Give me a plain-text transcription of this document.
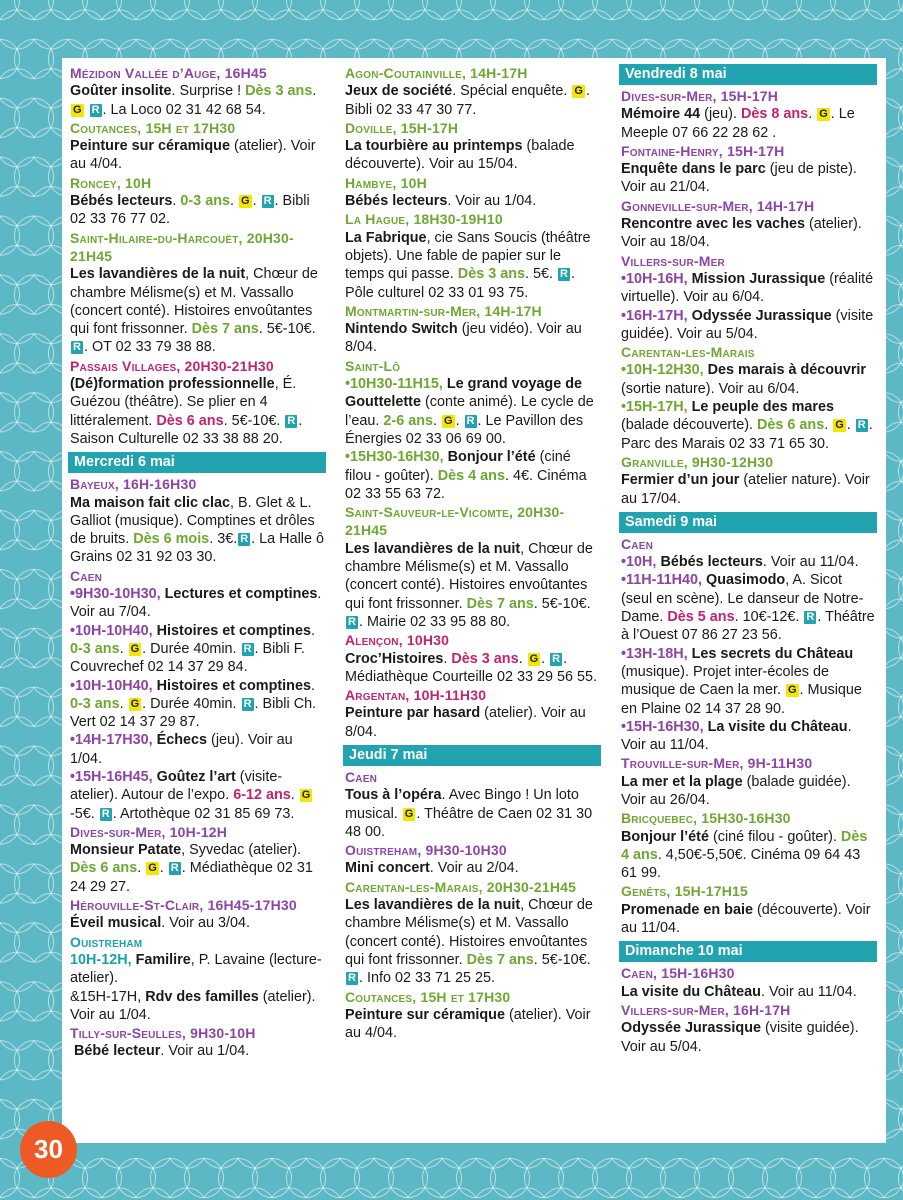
Mézidon Vallée d’Auge, 16H45
Goûter insolite. Surprise ! Dès 3 ans. G R . La Loco 02 31 42 68 54.
Coutances, 15H et 17H30
Peinture sur céramique (atelier). Voir au 4/04.
Roncey, 10H
Bébés lecteurs. 0-3 ans. G . R . Bibli 02 33 76 77 02.
Saint-Hilaire-du-Harcouët, 20H30-21H45
Les lavandières de la nuit, Chœur de chambre Mélisme(s) et M. Vassallo (concert conté). Histoires envoûtantes qui font frissonner. Dès 7 ans. 5€-10€. R . OT 02 33 79 38 88.
Passais Villages, 20H30-21H30
(Dé)formation professionnelle, É. Guézou (théâtre). Se plier en 4 littéralement. Dès 6 ans. 5€-10€. R . Saison Culturelle 02 33 38 88 20.
Mercredi 6 mai
Bayeux, 16H-16H30
Ma maison fait clic clac, B. Glet & L. Galliot (musique). Comptines et drôles de bruits. Dès 6 mois. 3€. R . La Halle ô Grains 02 31 92 03 30.
Caen
•9H30-10H30, Lectures et comptines. Voir au 7/04.
•10H-10H40, Histoires et comptines. 0-3 ans. G . Durée 40min. R . Bibli F. Couvrechef 02 14 37 29 84.
•10H-10H40, Histoires et comptines. 0-3 ans. G . Durée 40min. R . Bibli Ch. Vert 02 14 37 29 87.
•14H-17H30, Échecs (jeu). Voir au 1/04.
•15H-16H45, Goûtez l’art (visite-atelier). Autour de l’expo. 6-12 ans. G-5€. R . Artothèque 02 31 85 69 73.
Dives-sur-Mer, 10H-12H
Monsieur Patate, Syvedac (atelier). Dès 6 ans. G . R . Médiathèque 02 31 24 29 27.
Hérouville-St-Clair, 16H45-17H30
Éveil musical. Voir au 3/04.
Ouistreham
10H-12H, Familire, P. Lavaine (lecture-atelier).
&15H-17H, Rdv des familles (atelier).
Voir au 1/04.
Tilly-sur-Seulles, 9H30-10H
Bébé lecteur. Voir au 1/04.
Agon-Coutainville, 14H-17H
Jeux de société. Spécial enquête. G . Bibli 02 33 47 30 77.
Doville, 15H-17H
La tourbière au printemps (balade découverte). Voir au 15/04.
Hambye, 10H
Bébés lecteurs. Voir au 1/04.
La Hague, 18H30-19H10
La Fabrique, cie Sans Soucis (théâtre objets). Une fable de papier sur le temps qui passe. Dès 3 ans. 5€. R . Pôle culturel 02 33 01 93 75.
Montmartin-sur-Mer, 14H-17H
Nintendo Switch (jeu vidéo). Voir au 8/04.
Saint-Lô
•10H30-11H15, Le grand voyage de Gouttelette (conte animé). Le cycle de l’eau. 2-6 ans. G . R . Le Pavillon des Énergies 02 33 06 69 00.
•15H30-16H30, Bonjour l’été (ciné filou - goûter). Dès 4 ans. 4€. Cinéma 02 33 55 63 72.
Saint-Sauveur-le-Vicomte, 20H30-21H45
Les lavandières de la nuit, Chœur de chambre Mélisme(s) et M. Vassallo (concert conté). Histoires envoûtantes qui font frissonner. Dès 7 ans. 5€-10€. R . Mairie 02 33 95 88 80.
Alençon, 10H30
Croc’Histoires. Dès 3 ans. G . R . Médiathèque Courteille 02 33 29 56 55.
Argentan, 10H-11H30
Peinture par hasard (atelier). Voir au 8/04.
Jeudi 7 mai
Caen
Tous à l’opéra. Avec Bingo ! Un loto musical. G . Théâtre de Caen 02 31 30 48 00.
Ouistreham, 9H30-10H30
Mini concert. Voir au 2/04.
Carentan-les-Marais, 20H30-21H45
Les lavandières de la nuit, Chœur de chambre Mélisme(s) et M. Vassallo (concert conté). Histoires envoûtantes qui font frissonner. Dès 7 ans. 5€-10€. R . Info 02 33 71 25 25.
Coutances, 15H et 17H30
Peinture sur céramique (atelier). Voir au 4/04.
Vendredi 8 mai
Dives-sur-Mer, 15H-17H
Mémoire 44 (jeu). Dès 8 ans. G . Le Meeple 07 66 22 28 62 .
Fontaine-Henry, 15H-17H
Enquête dans le parc (jeu de piste). Voir au 21/04.
Gonneville-sur-Mer, 14H-17H
Rencontre avec les vaches (atelier). Voir au 18/04.
Villers-sur-Mer
•10H-16H, Mission Jurassique (réalité virtuelle). Voir au 6/04.
•16H-17H, Odyssée Jurassique (visite guidée). Voir au 5/04.
Carentan-les-Marais
•10H-12H30, Des marais à découvrir (sortie nature). Voir au 6/04.
•15H-17H, Le peuple des mares (balade découverte). Dès 6 ans. G . R . Parc des Marais 02 33 71 65 30.
Granville, 9H30-12H30
Fermier d’un jour (atelier nature). Voir au 17/04.
Samedi 9 mai
Caen
•10H, Bébés lecteurs. Voir au 11/04.
•11H-11H40, Quasimodo, A. Sicot (seul en scène). Le danseur de Notre-Dame. Dès 5 ans. 10€-12€. R . Théâtre à l’Ouest 07 86 27 23 56.
•13H-18H, Les secrets du Château (musique). Projet inter-écoles de musique de Caen la mer. G . Musique en Plaine 02 14 37 28 90.
•15H-16H30, La visite du Château. Voir au 11/04.
Trouville-sur-Mer, 9H-11H30
La mer et la plage (balade guidée). Voir au 26/04.
Bricquebec, 15H30-16H30
Bonjour l’été (ciné filou - goûter). Dès 4 ans. 4,50€-5,50€. Cinéma 09 64 43 61 99.
Genêts, 15H-17H15
Promenade en baie (découverte). Voir au 11/04.
Dimanche 10 mai
Caen, 15H-16H30
La visite du Château. Voir au 11/04.
Villers-sur-Mer, 16H-17H
Odyssée Jurassique (visite guidée). Voir au 5/04.
30
